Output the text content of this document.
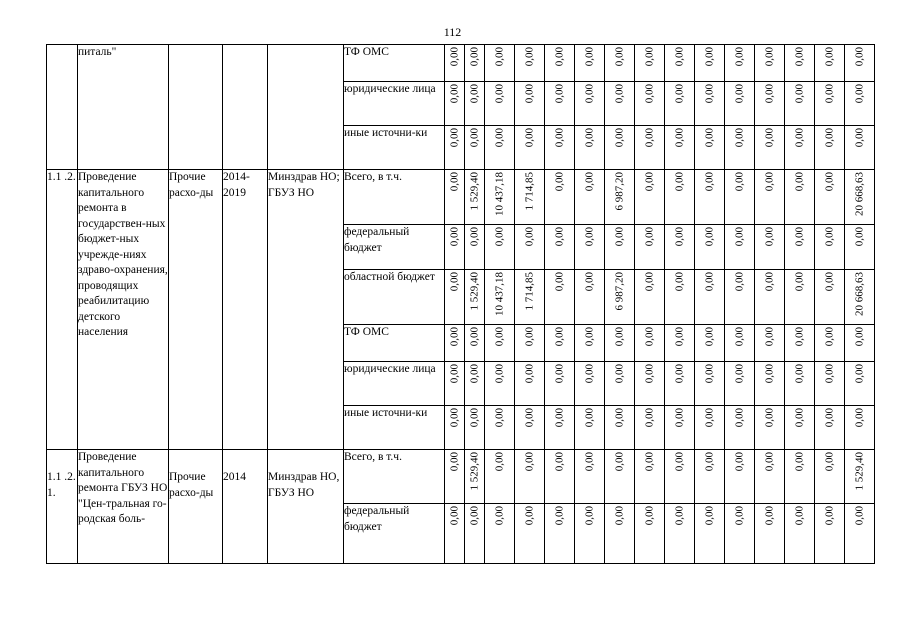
112
	питаль"				ТФ ОМС	0,00	0,00	0,00	0,00	0,00	0,00	0,00	0,00	0,00	0,00	0,00	0,00	0,00	0,00	0,00

					юридические лица	0,00	0,00	0,00	0,00	0,00	0,00	0,00	0,00	0,00	0,00	0,00	0,00	0,00	0,00	0,00

					иные источни-ки	0,00	0,00	0,00	0,00	0,00	0,00	0,00	0,00	0,00	0,00	0,00	0,00	0,00	0,00	0,00

1.1 .2.	Проведение капитального ремонта в государствен-ных бюджет-ных учрежде-ниях здраво-охранения, проводящих реабилитацию детского населения	Прочие расхо-ды	2014-2019	Минздрав НО; ГБУЗ НО	Всего, в т.ч.	0,00	1 529,40	10 437,18	1 714,85	0,00	0,00	6 987,20	0,00	0,00	0,00	0,00	0,00	0,00	0,00	20 668,63

					федеральный бюджет	0,00	0,00	0,00	0,00	0,00	0,00	0,00	0,00	0,00	0,00	0,00	0,00	0,00	0,00	0,00

					областной бюджет	0,00	1 529,40	10 437,18	1 714,85	0,00	0,00	6 987,20	0,00	0,00	0,00	0,00	0,00	0,00	0,00	20 668,63

					ТФ ОМС	0,00	0,00	0,00	0,00	0,00	0,00	0,00	0,00	0,00	0,00	0,00	0,00	0,00	0,00	0,00

					юридические лица	0,00	0,00	0,00	0,00	0,00	0,00	0,00	0,00	0,00	0,00	0,00	0,00	0,00	0,00	0,00

					иные источни-ки	0,00	0,00	0,00	0,00	0,00	0,00	0,00	0,00	0,00	0,00	0,00	0,00	0,00	0,00	0,00

1.1 .2. 1.	Проведение капитального ремонта ГБУЗ НО "Цен-тральная го-родская боль-	Прочие расхо-ды	2014	Минздрав НО, ГБУЗ НО	Всего, в т.ч.	0,00	1 529,40	0,00	0,00	0,00	0,00	0,00	0,00	0,00	0,00	0,00	0,00	0,00	0,00	1 529,40

					федеральный бюджет	0,00	0,00	0,00	0,00	0,00	0,00	0,00	0,00	0,00	0,00	0,00	0,00	0,00	0,00	0,00
